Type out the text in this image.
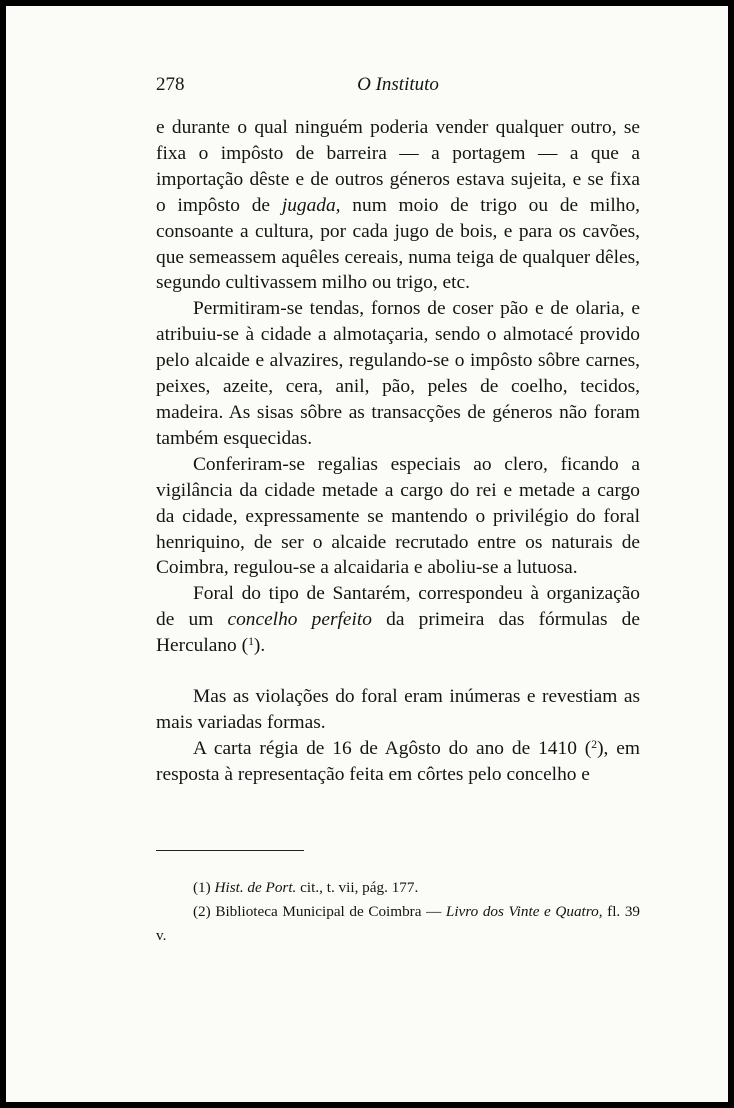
278	O Instituto

e durante o qual ninguém poderia vender qualquer outro, se fixa o impôsto de barreira — a portagem — a que a importação dêste e de outros géneros estava sujeita, e se fixa o impôsto de jugada, num moio de trigo ou de milho, consoante a cultura, por cada jugo de bois, e para os cavões, que semeassem aquêles cereais, numa teiga de qualquer dêles, segundo cultivassem milho ou trigo, etc.

Permitiram-se tendas, fornos de coser pão e de olaria, e atribuiu-se à cidade a almotaçaria, sendo o almotacé provido pelo alcaide e alvazires, regulando-se o impôsto sôbre carnes, peixes, azeite, cera, anil, pão, peles de coelho, tecidos, madeira. As sisas sôbre as transacções de géneros não foram também esquecidas.

Conferiram-se regalias especiais ao clero, ficando a vigilância da cidade metade a cargo do rei e metade a cargo da cidade, expressamente se mantendo o privilégio do foral henriquino, de ser o alcaide recrutado entre os naturais de Coimbra, regulou-se a alcaidaria e aboliu-se a lutuosa.

Foral do tipo de Santarém, correspondeu à organização de um concelho perfeito da primeira das fórmulas de Herculano ($^1$).

Mas as violações do foral eram inúmeras e revestiam as mais variadas formas.

A carta régia de 16 de Agôsto do ano de 1410 ($^2$), em resposta à representação feita em côrtes pelo concelho e

(1) Hist. de Port. cit., t. vii, pág. 177.

(2) Biblioteca Municipal de Coimbra — Livro dos Vinte e Quatro, fl. 39 v.
